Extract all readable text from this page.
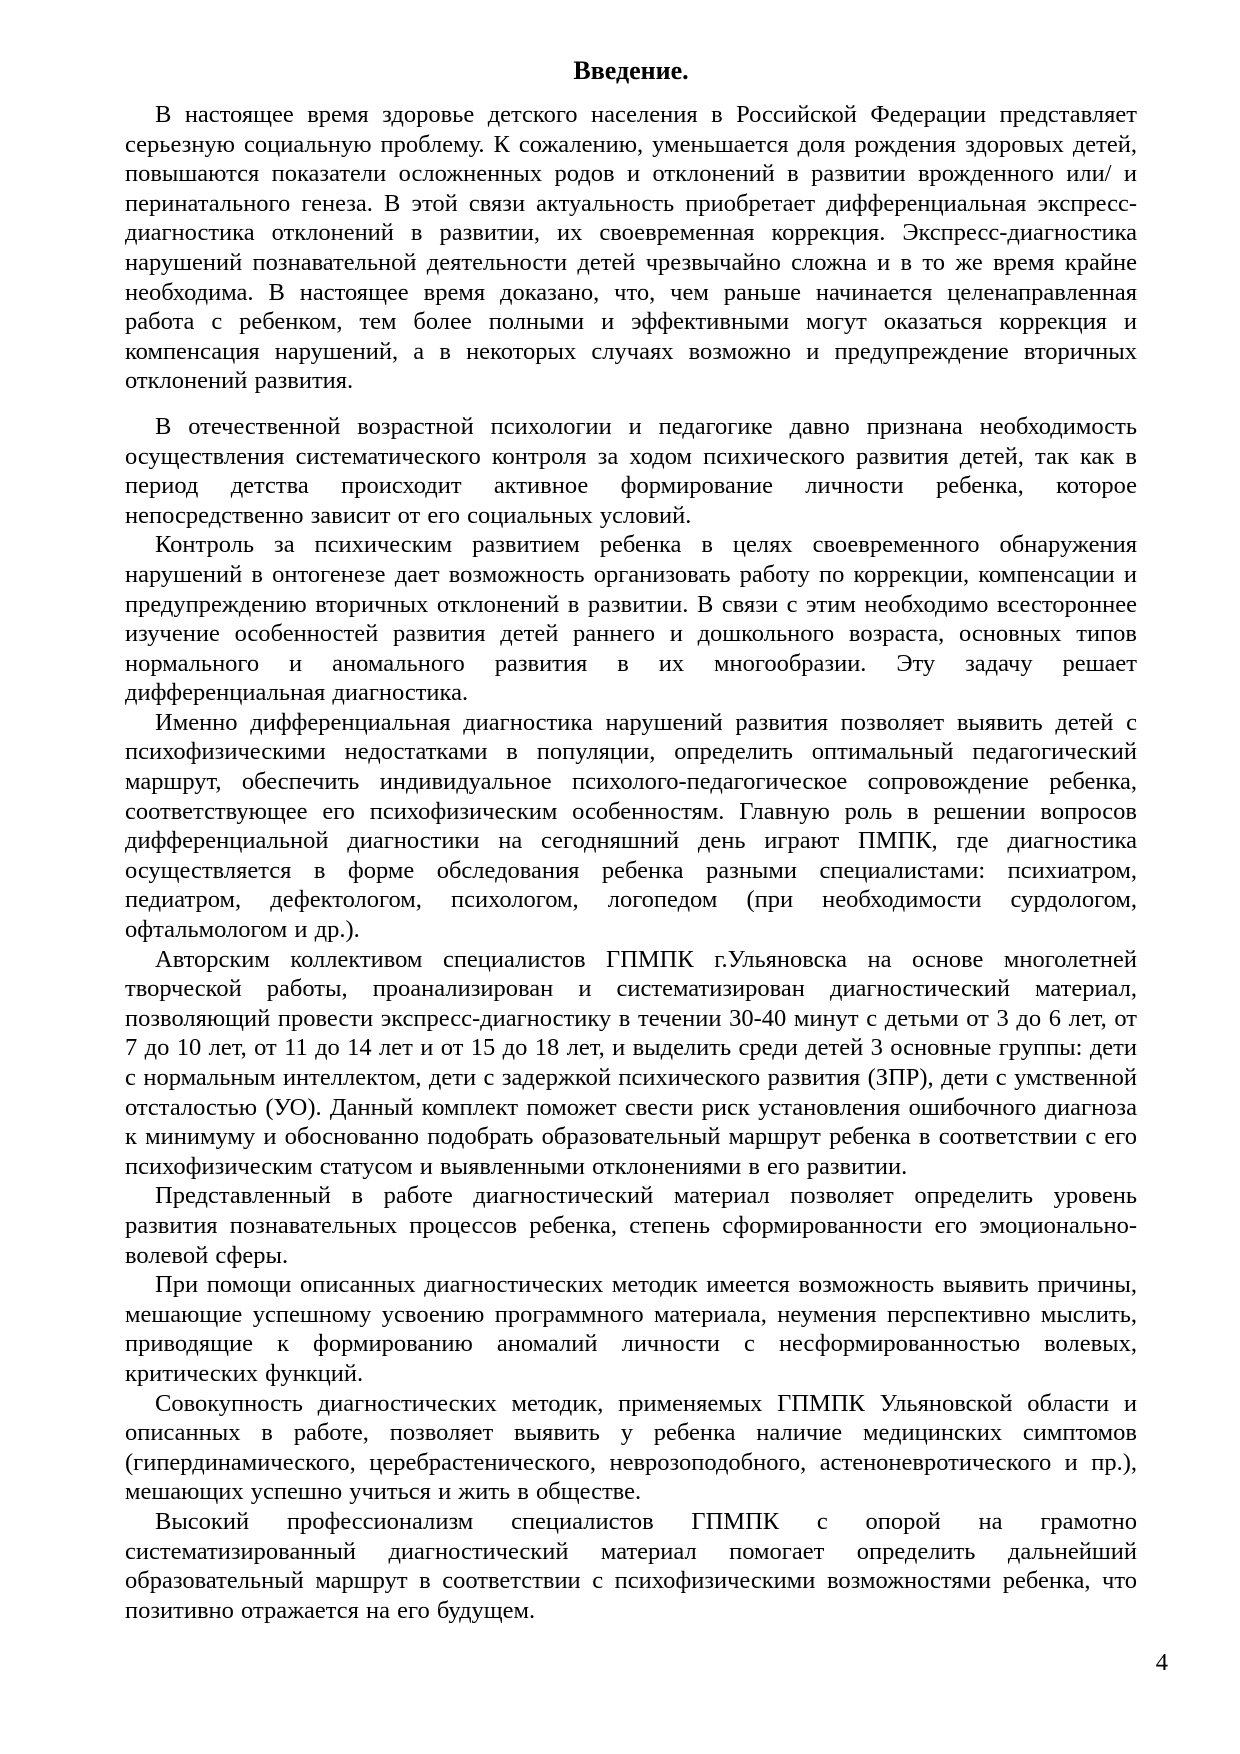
Введение.

В настоящее время здоровье детского населения в Российской Федерации представляет серьезную социальную проблему. К сожалению, уменьшается доля рождения здоровых детей, повышаются показатели осложненных родов и отклонений в развитии врожденного или/ и перинатального генеза. В этой связи актуальность приобретает дифференциальная экспресс-диагностика отклонений в развитии, их своевременная коррекция. Экспресс-диагностика нарушений познавательной деятельности детей чрезвычайно сложна и в то же время крайне необходима. В настоящее время доказано, что, чем раньше начинается целенаправленная работа с ребенком, тем более полными и эффективными могут оказаться коррекция и компенсация нарушений, а в некоторых случаях возможно и предупреждение вторичных отклонений развития.

В отечественной возрастной психологии и педагогике давно признана необходимость осуществления систематического контроля за ходом психического развития детей, так как в период детства происходит активное формирование личности ребенка, которое непосредственно зависит от его социальных условий.

Контроль за психическим развитием ребенка в целях своевременного обнаружения нарушений в онтогенезе дает возможность организовать работу по коррекции, компенсации и предупреждению вторичных отклонений в развитии. В связи с этим необходимо всестороннее изучение особенностей развития детей раннего и дошкольного возраста, основных типов нормального и аномального развития в их многообразии. Эту задачу решает дифференциальная диагностика.

Именно дифференциальная диагностика нарушений развития позволяет выявить детей с психофизическими недостатками в популяции, определить оптимальный педагогический маршрут, обеспечить индивидуальное психолого-педагогическое сопровождение ребенка, соответствующее его психофизическим особенностям. Главную роль в решении вопросов дифференциальной диагностики на сегодняшний день играют ПМПК, где диагностика осуществляется в форме обследования ребенка разными специалистами: психиатром, педиатром, дефектологом, психологом, логопедом (при необходимости сурдологом, офтальмологом и др.).

Авторским коллективом специалистов ГПМПК г.Ульяновска на основе многолетней творческой работы, проанализирован и систематизирован диагностический материал, позволяющий провести экспресс-диагностику в течении 30-40 минут с детьми от 3 до 6 лет, от 7 до 10 лет, от 11 до 14 лет и от 15 до 18 лет, и выделить среди детей 3 основные группы: дети с нормальным интеллектом, дети с задержкой психического развития (ЗПР), дети с умственной отсталостью (УО). Данный комплект поможет свести риск установления ошибочного диагноза к минимуму и обоснованно подобрать образовательный маршрут ребенка в соответствии с его психофизическим статусом и выявленными отклонениями в его развитии.

Представленный в работе диагностический материал позволяет определить уровень развития познавательных процессов ребенка, степень сформированности его эмоционально-волевой сферы.

При помощи описанных диагностических методик имеется возможность выявить причины, мешающие успешному усвоению программного материала, неумения перспективно мыслить, приводящие к формированию аномалий личности с несформированностью волевых, критических функций.

Совокупность диагностических методик, применяемых ГПМПК Ульяновской области и описанных в работе, позволяет выявить у ребенка наличие медицинских симптомов (гипердинамического, церебрастенического, неврозоподобного, астеноневротического и пр.), мешающих успешно учиться и жить в обществе.

Высокий профессионализм специалистов ГПМПК с опорой на грамотно систематизированный диагностический материал помогает определить дальнейший образовательный маршрут в соответствии с психофизическими возможностями ребенка, что позитивно отражается на его будущем.

4
